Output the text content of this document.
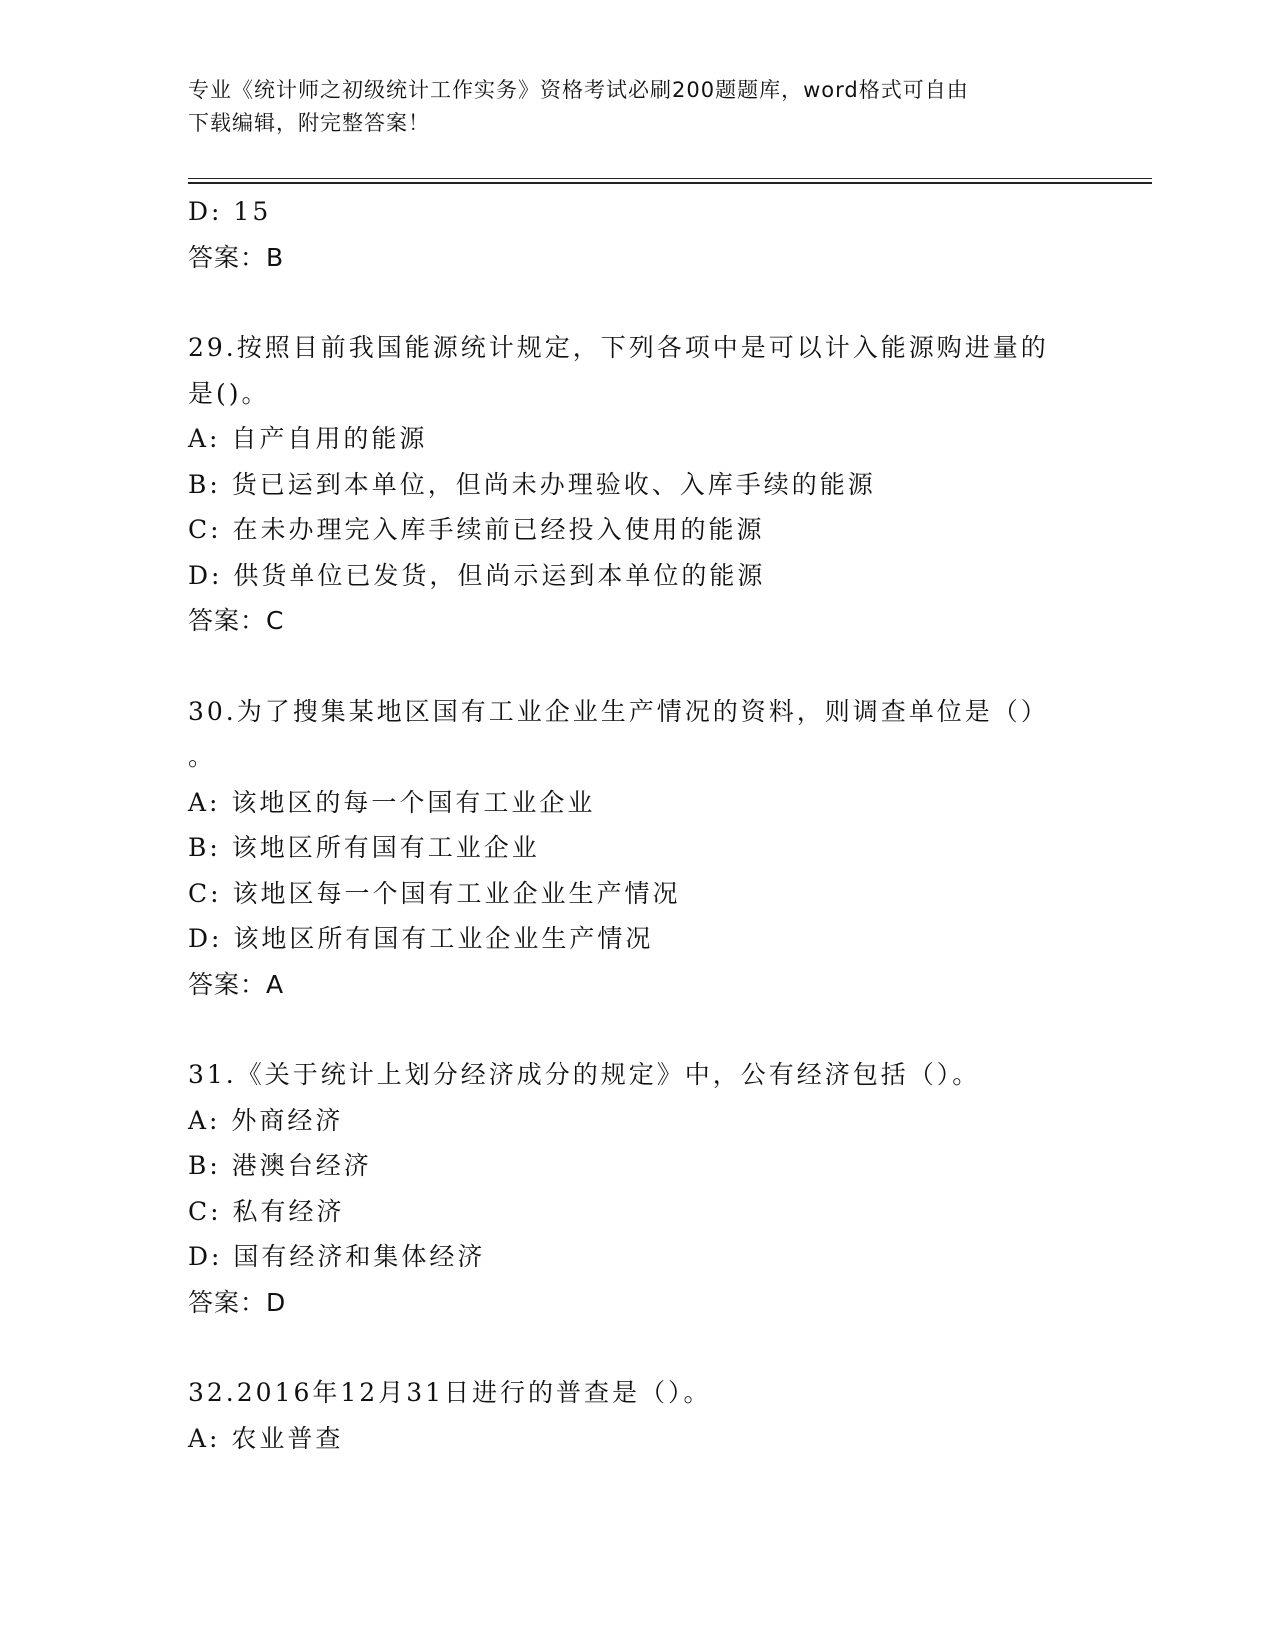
专业《统计师之初级统计工作实务》资格考试必刷200题题库，word格式可自由
下载编辑，附完整答案！
D: 15
答案：B
29.按照目前我国能源统计规定，下列各项中是可以计入能源购进量的
是()。
A: 自产自用的能源
B: 货已运到本单位，但尚未办理验收、入库手续的能源
C: 在未办理完入库手续前已经投入使用的能源
D: 供货单位已发货，但尚示运到本单位的能源
答案：C
30.为了搜集某地区国有工业企业生产情况的资料，则调查单位是（）
。
A: 该地区的每一个国有工业企业
B: 该地区所有国有工业企业
C: 该地区每一个国有工业企业生产情况
D: 该地区所有国有工业企业生产情况
答案：A
31.《关于统计上划分经济成分的规定》中，公有经济包括（）。
A: 外商经济
B: 港澳台经济
C: 私有经济
D: 国有经济和集体经济
答案：D
32.2016年12月31日进行的普查是（）。
A: 农业普查
